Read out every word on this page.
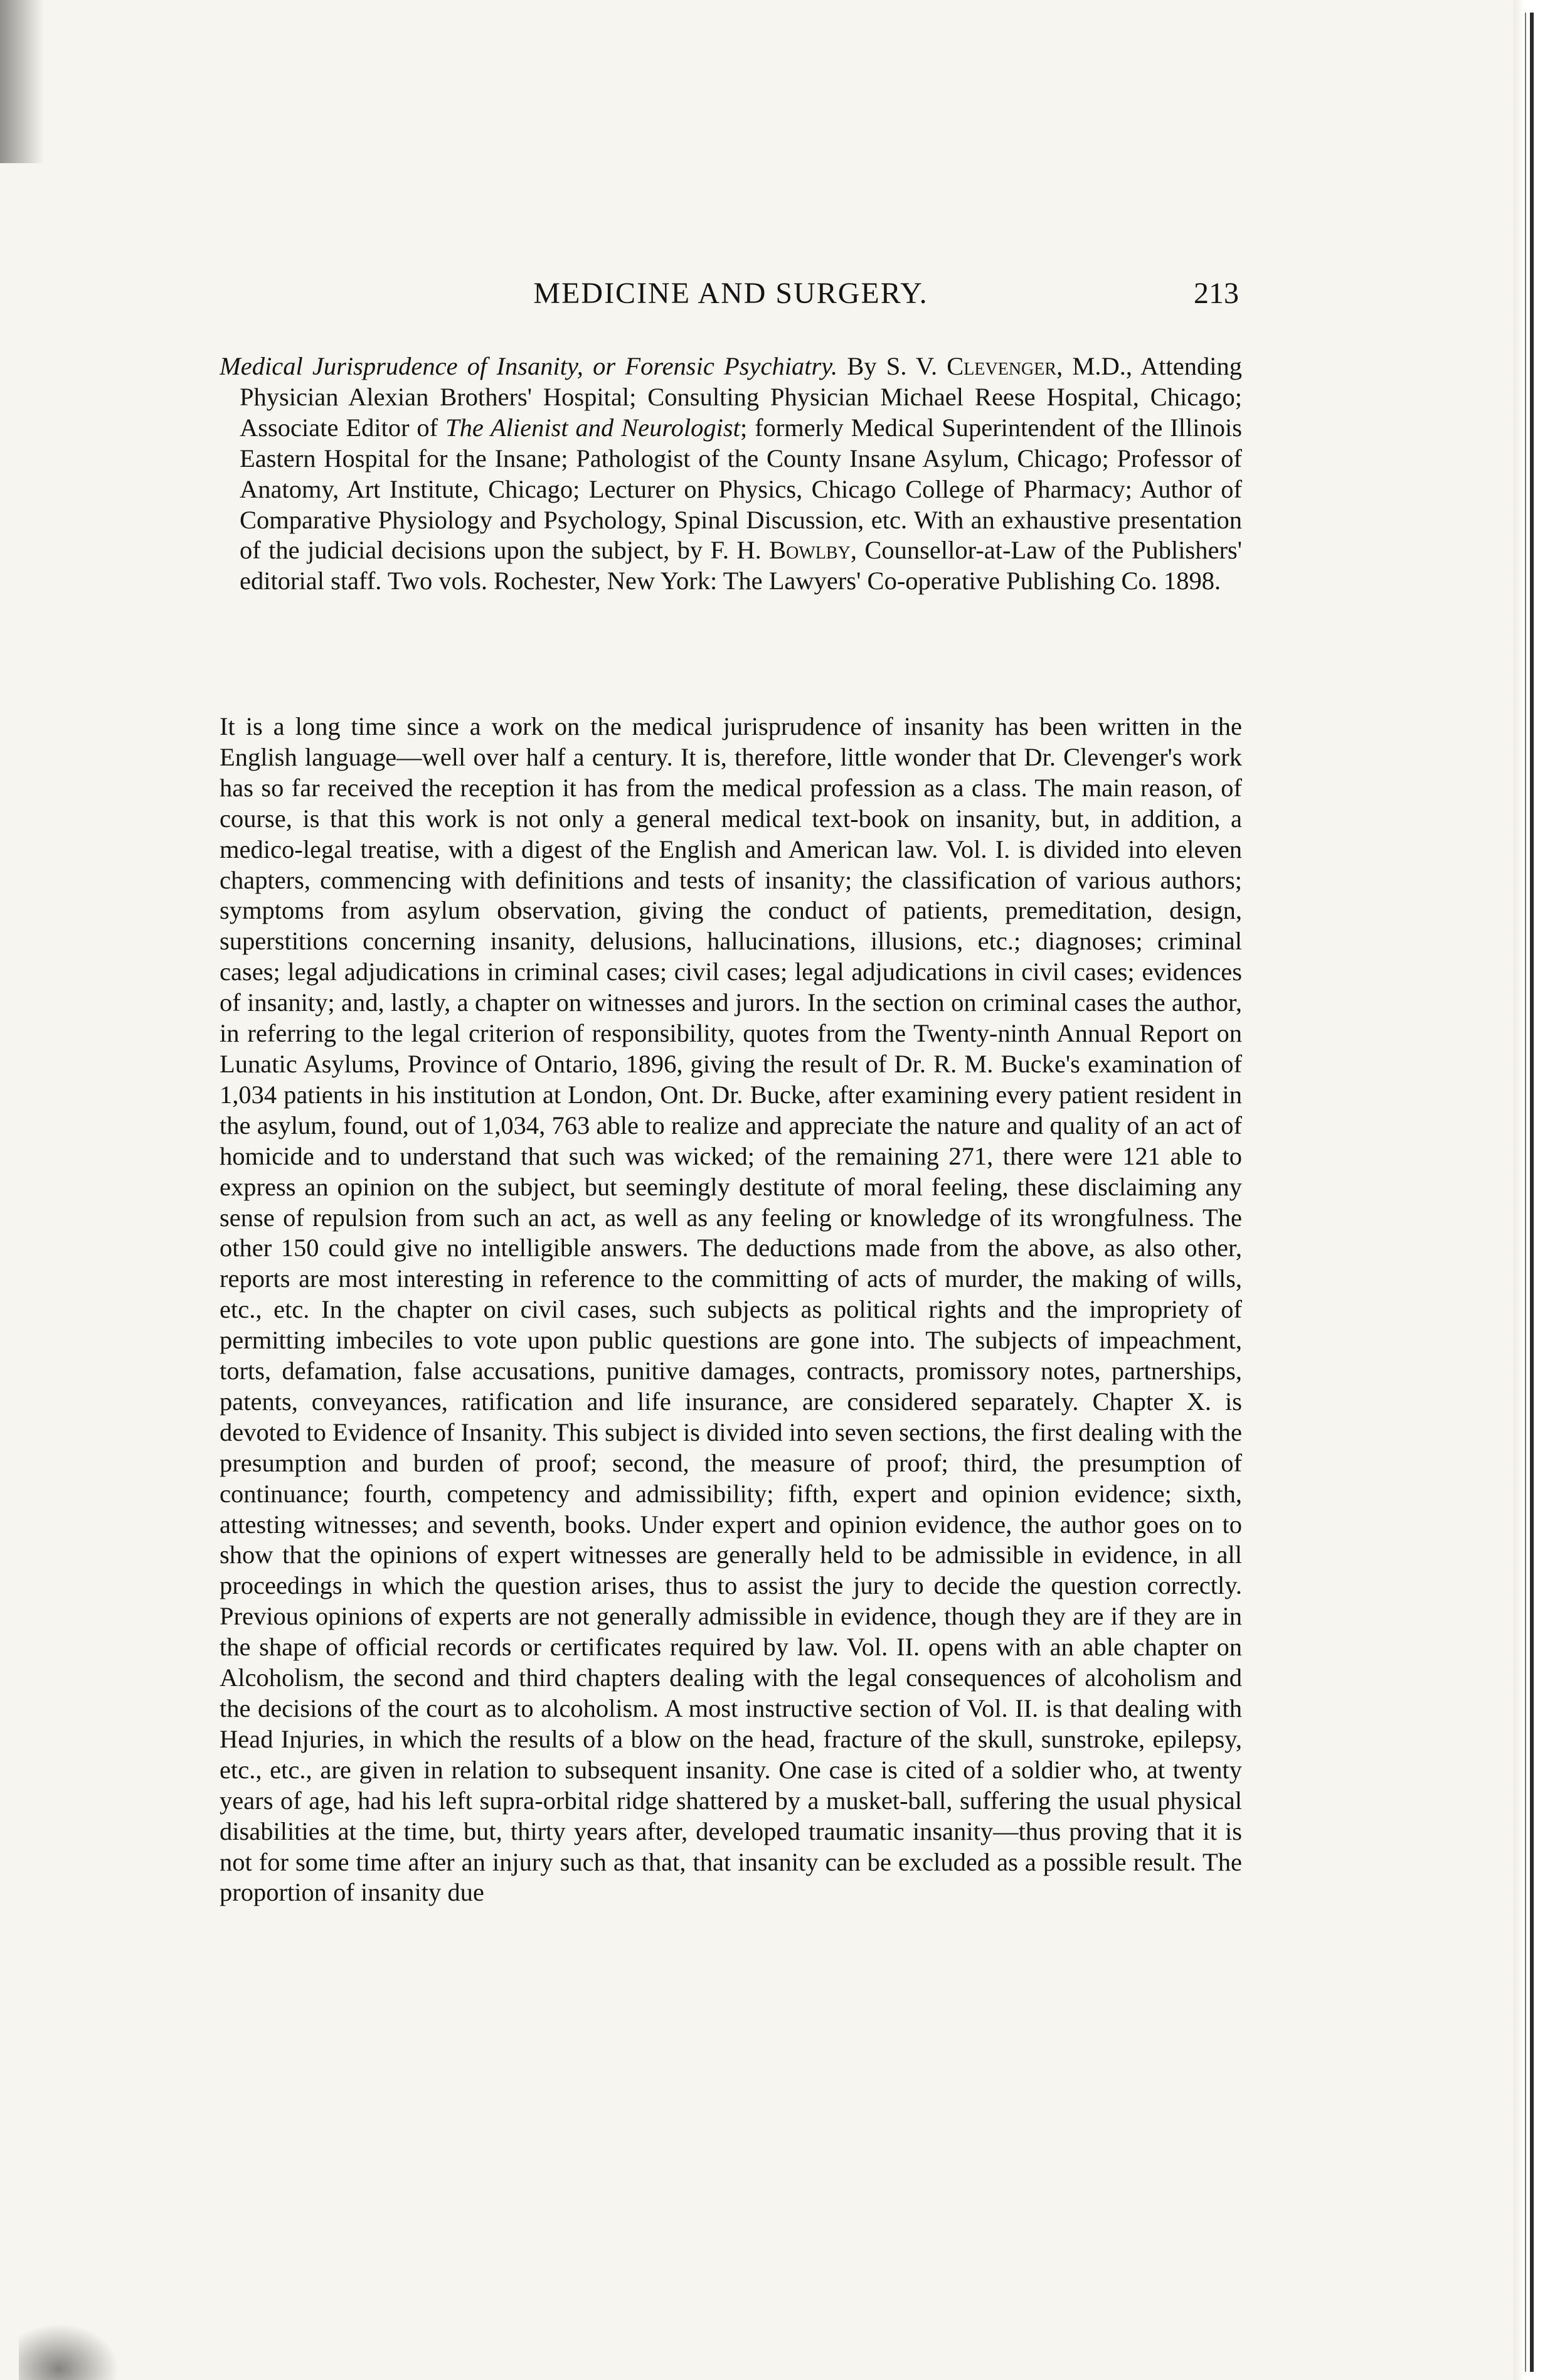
MEDICINE AND SURGERY.	213

Medical Jurisprudence of Insanity, or Forensic Psychiatry. By S. V. Clevenger, M.D., Attending Physician Alexian Brothers' Hospital; Consulting Physician Michael Reese Hospital, Chicago; Associate Editor of The Alienist and Neurologist; formerly Medical Superintendent of the Illinois Eastern Hospital for the Insane; Pathologist of the County Insane Asylum, Chicago; Professor of Anatomy, Art Institute, Chicago; Lecturer on Physics, Chicago College of Pharmacy; Author of Comparative Physiology and Psychology, Spinal Discussion, etc. With an exhaustive presentation of the judicial decisions upon the subject, by F. H. Bowlby, Counsellor-at-Law of the Publishers' editorial staff. Two vols. Rochester, New York: The Lawyers' Co-operative Publishing Co. 1898.

It is a long time since a work on the medical jurisprudence of insanity has been written in the English language—well over half a century. It is, therefore, little wonder that Dr. Clevenger's work has so far received the reception it has from the medical profession as a class. The main reason, of course, is that this work is not only a general medical text-book on insanity, but, in addition, a medico-legal treatise, with a digest of the English and American law. Vol. I. is divided into eleven chapters, commencing with definitions and tests of insanity; the classification of various authors; symptoms from asylum observation, giving the conduct of patients, premeditation, design, superstitions concerning insanity, delusions, hallucinations, illusions, etc.; diagnoses; criminal cases; legal adjudications in criminal cases; civil cases; legal adjudications in civil cases; evidences of insanity; and, lastly, a chapter on witnesses and jurors. In the section on criminal cases the author, in referring to the legal criterion of responsibility, quotes from the Twenty-ninth Annual Report on Lunatic Asylums, Province of Ontario, 1896, giving the result of Dr. R. M. Bucke's examination of 1,034 patients in his institution at London, Ont. Dr. Bucke, after examining every patient resident in the asylum, found, out of 1,034, 763 able to realize and appreciate the nature and quality of an act of homicide and to understand that such was wicked; of the remaining 271, there were 121 able to express an opinion on the subject, but seemingly destitute of moral feeling, these disclaiming any sense of repulsion from such an act, as well as any feeling or knowledge of its wrongfulness. The other 150 could give no intelligible answers. The deductions made from the above, as also other, reports are most interesting in reference to the committing of acts of murder, the making of wills, etc., etc. In the chapter on civil cases, such subjects as political rights and the impropriety of permitting imbeciles to vote upon public questions are gone into. The subjects of impeachment, torts, defamation, false accusations, punitive damages, contracts, promissory notes, partnerships, patents, conveyances, ratification and life insurance, are considered separately. Chapter X. is devoted to Evidence of Insanity. This subject is divided into seven sections, the first dealing with the presumption and burden of proof; second, the measure of proof; third, the presumption of continuance; fourth, competency and admissibility; fifth, expert and opinion evidence; sixth, attesting witnesses; and seventh, books. Under expert and opinion evidence, the author goes on to show that the opinions of expert witnesses are generally held to be admissible in evidence, in all proceedings in which the question arises, thus to assist the jury to decide the question correctly. Previous opinions of experts are not generally admissible in evidence, though they are if they are in the shape of official records or certificates required by law. Vol. II. opens with an able chapter on Alcoholism, the second and third chapters dealing with the legal consequences of alcoholism and the decisions of the court as to alcoholism. A most instructive section of Vol. II. is that dealing with Head Injuries, in which the results of a blow on the head, fracture of the skull, sunstroke, epilepsy, etc., etc., are given in relation to subsequent insanity. One case is cited of a soldier who, at twenty years of age, had his left supra-orbital ridge shattered by a musket-ball, suffering the usual physical disabilities at the time, but, thirty years after, developed traumatic insanity—thus proving that it is not for some time after an injury such as that, that insanity can be excluded as a possible result. The proportion of insanity due
